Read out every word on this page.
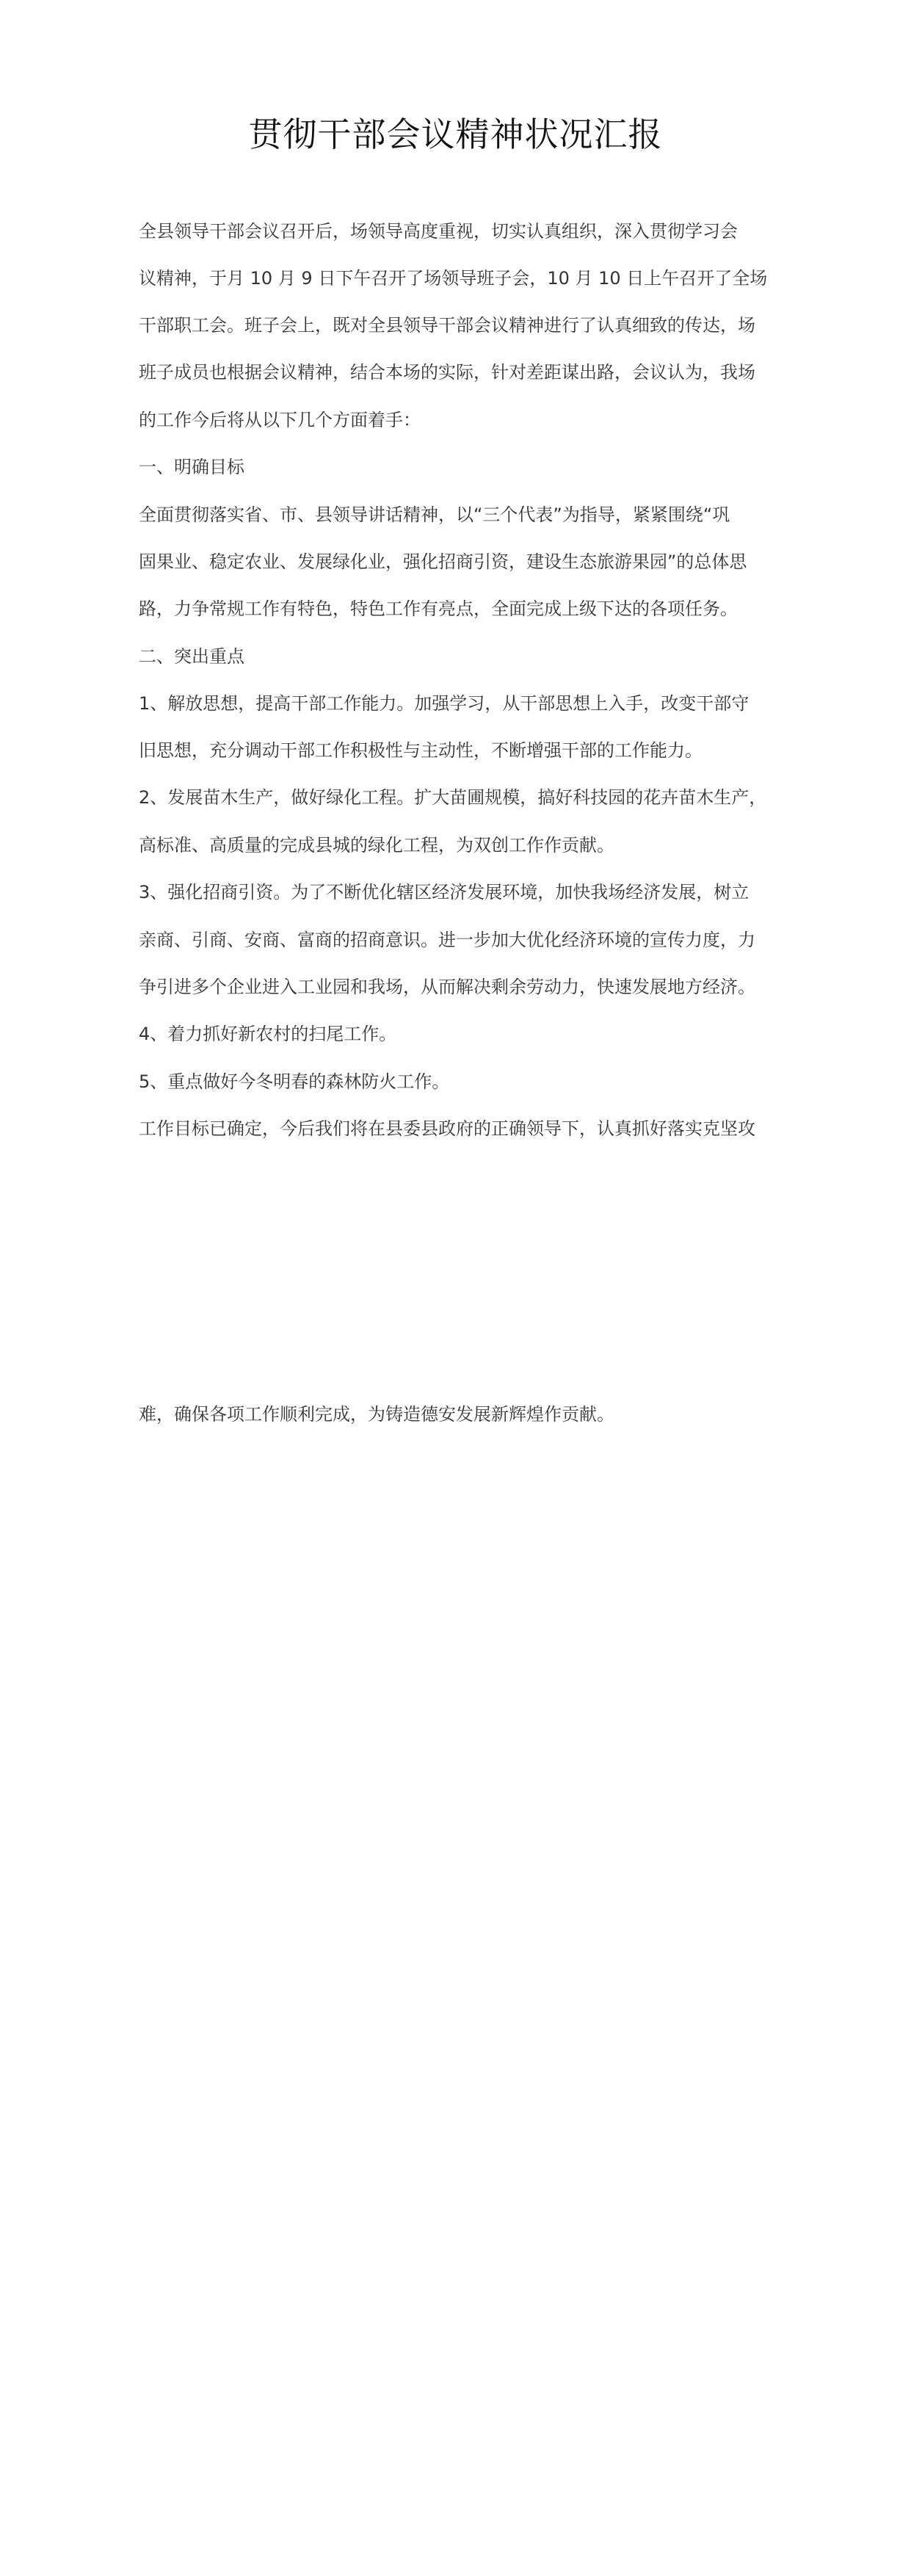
贯彻干部会议精神状况汇报
全县领导干部会议召开后，场领导高度重视，切实认真组织，深入贯彻学习会
议精神，于月 10 月 9 日下午召开了场领导班子会，10 月 10 日上午召开了全场
干部职工会。班子会上，既对全县领导干部会议精神进行了认真细致的传达，场
班子成员也根据会议精神，结合本场的实际，针对差距谋出路，会议认为，我场
的工作今后将从以下几个方面着手：
一、明确目标
全面贯彻落实省、市、县领导讲话精神，以“三个代表”为指导，紧紧围绕“巩
固果业、稳定农业、发展绿化业，强化招商引资，建设生态旅游果园”的总体思
路，力争常规工作有特色，特色工作有亮点，全面完成上级下达的各项任务。
二、突出重点
1、解放思想，提高干部工作能力。加强学习，从干部思想上入手，改变干部守
旧思想，充分调动干部工作积极性与主动性，不断增强干部的工作能力。
2、发展苗木生产，做好绿化工程。扩大苗圃规模，搞好科技园的花卉苗木生产，
高标准、高质量的完成县城的绿化工程，为双创工作作贡献。
3、强化招商引资。为了不断优化辖区经济发展环境，加快我场经济发展，树立
亲商、引商、安商、富商的招商意识。进一步加大优化经济环境的宣传力度，力
争引进多个企业进入工业园和我场，从而解决剩余劳动力，快速发展地方经济。
4、着力抓好新农村的扫尾工作。
5、重点做好今冬明春的森林防火工作。
工作目标已确定，今后我们将在县委县政府的正确领导下，认真抓好落实克坚攻
难，确保各项工作顺利完成，为铸造德安发展新辉煌作贡献。
